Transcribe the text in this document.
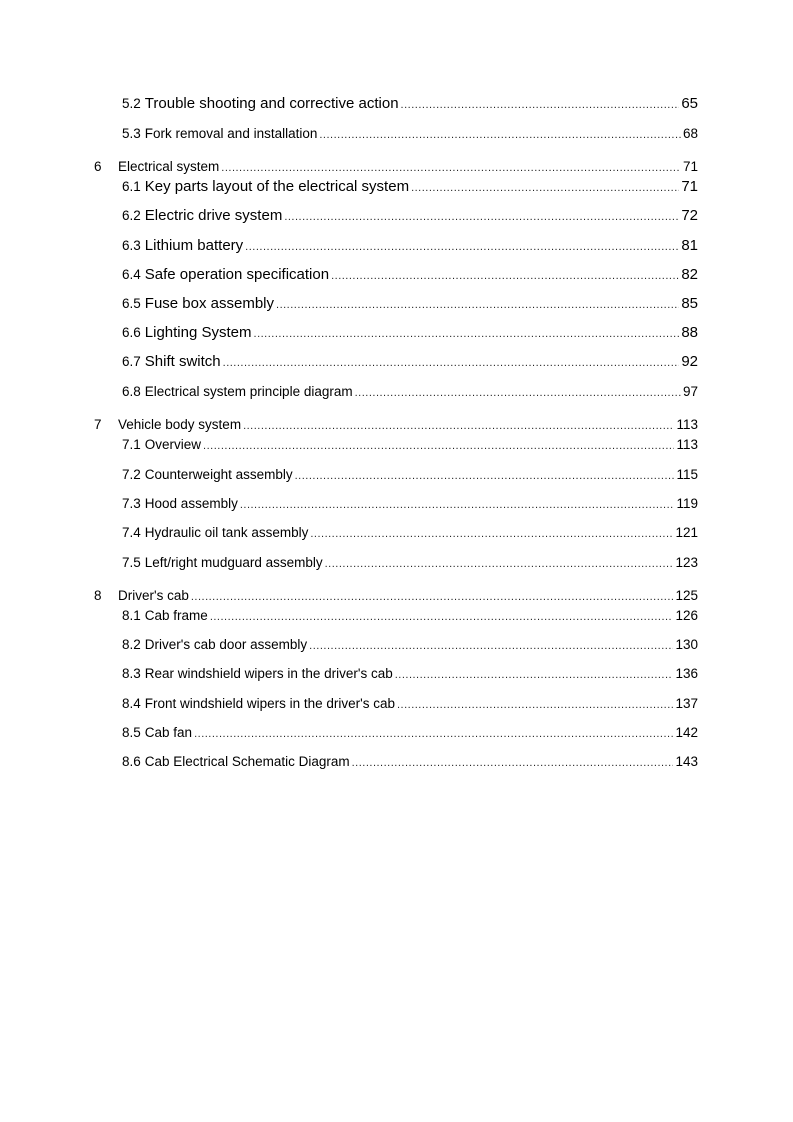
5.2 Trouble shooting and corrective action .....	65
5.3 Fork removal and installation .....	68
6	Electrical system .....	71
6.1 Key parts layout of the electrical system .....	71
6.2 Electric drive system .....	72
6.3 Lithium battery .....	81
6.4 Safe operation specification .....	82
6.5 Fuse box assembly .....	85
6.6 Lighting System .....	88
6.7 Shift switch .....	92
6.8 Electrical system principle diagram .....	97
7	Vehicle body system .....	113
7.1 Overview .....	113
7.2 Counterweight assembly .....	115
7.3 Hood assembly .....	119
7.4 Hydraulic oil tank assembly .....	121
7.5 Left/right mudguard assembly .....	123
8	Driver's cab .....	125
8.1 Cab frame .....	126
8.2 Driver's cab door assembly .....	130
8.3 Rear windshield wipers in the driver's cab .....	136
8.4 Front windshield wipers in the driver's cab .....	137
8.5 Cab fan .....	142
8.6 Cab Electrical Schematic Diagram .....	143
